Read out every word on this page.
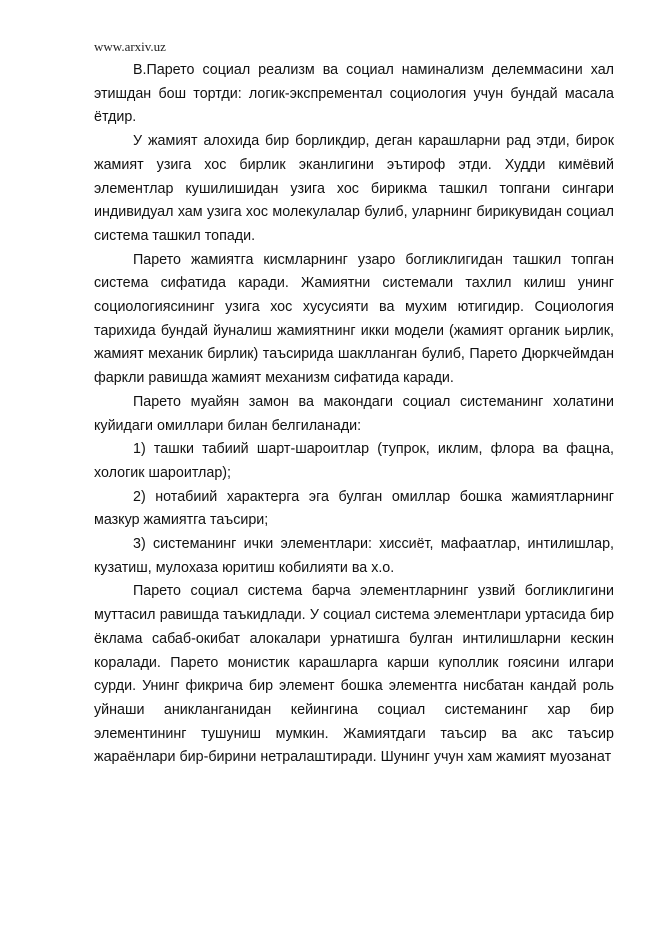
www.arxiv.uz

B.Парето социал реализм ва социал наминализм делеммасини хал этишдан бош тортди: логик-экспрементал социология учун бундай масала ётдир.

У жамият алохида бир борликдир, деган карашларни рад этди, бирок жамият узига хос бирлик эканлигини эътироф этди. Худди кимёвий элементлар кушилишидан узига хос бирикма ташкил топгани сингари индивидуал хам узига хос молекулалар булиб, уларнинг бирикувидан социал система ташкил топади.

Парето жамиятга кисмларнинг узаро богликлигидан ташкил топган система сифатида каради. Жамиятни системали тахлил килиш унинг социологиясининг узига хос хусусияти ва мухим ютигидир. Социология тарихида бундай йуналиш жамиятнинг икки модели (жамият органик ьирлик, жамият механик бирлик) таъсирида шаклланган булиб, Парето Дюркчеймдан фаркли равишда жамият механизм сифатида каради.

Парето муайян замон ва макондаги социал системанинг холатини куйидаги омиллари билан белгиланади:

1) ташки табиий шарт-шароитлар (тупрок, иклим, флора ва фацна, хологик шароитлар);

2) нотабиий характерга эга булган омиллар бошка жамиятларнинг мазкур жамиятга таъсири;

3) системанинг ички элементлари: хиссиёт, мафаатлар, интилишлар, кузатиш, мулохаза юритиш кобилияти ва х.о.

Парето социал система барча элементларнинг узвий богликлигини муттасил равишда таъкидлади. У социал система элементлари уртасида бир ёклама сабаб-окибат алокалари урнатишга булган интилишларни кескин коралади. Парето монистик карашларга карши куполлик гоясини илгари сурди. Унинг фикрича бир элемент бошка элементга нисбатан кандай роль уйнаши аникланганидан кейингина социал системанинг хар бир элементининг тушуниш мумкин. Жамиятдаги таъсир ва акс таъсир жараёнлари бир-бирини нетралаштиради. Шунинг учун хам жамият муозанат
